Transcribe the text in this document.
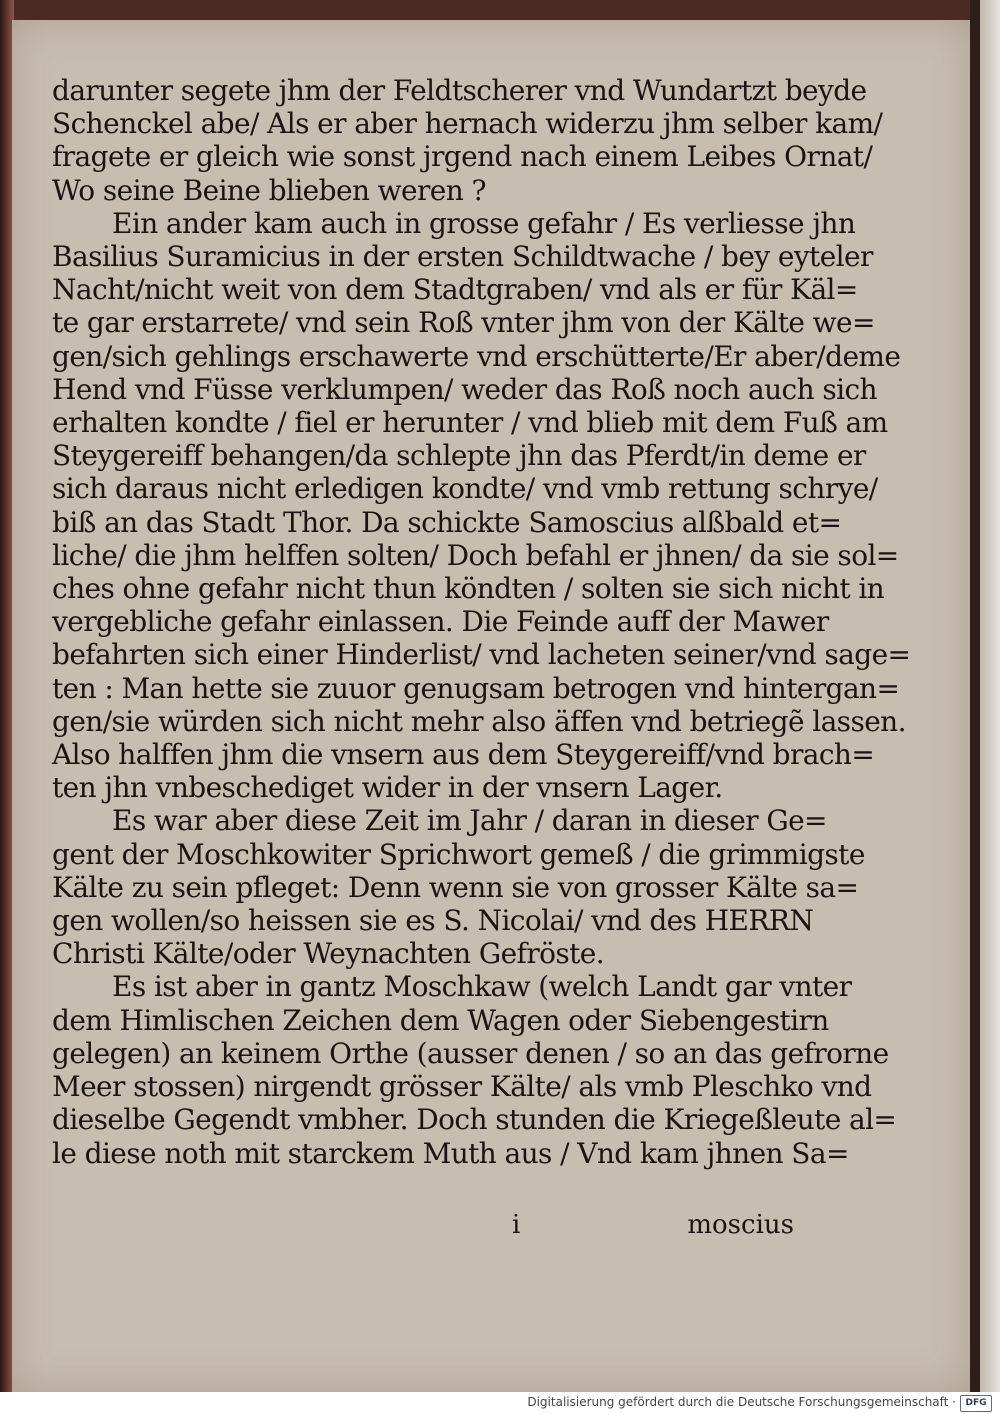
darunter segete jhm der Feldtscherer vnd Wundartzt beyde
Schenckel abe/ Als er aber hernach widerzu jhm selber kam/
fragete er gleich wie sonst jrgend nach einem Leibes Ornat/
Wo seine Beine blieben weren ?
Ein ander kam auch in grosse gefahr / Es verliesse jhn
Basilius Suramicius in der ersten Schildtwache / bey eyteler
Nacht/nicht weit von dem Stadtgraben/ vnd als er für Käl=
te gar erstarrete/ vnd sein Roß vnter jhm von der Kälte we=
gen/sich gehlings erschawerte vnd erschütterte/Er aber/deme
Hend vnd Füsse verklumpen/ weder das Roß noch auch sich
erhalten kondte / fiel er herunter / vnd blieb mit dem Fuß am
Steygereiff behangen/da schlepte jhn das Pferdt/in deme er
sich daraus nicht erledigen kondte/ vnd vmb rettung schrye/
biß an das Stadt Thor. Da schickte Samoscius alßbald et=
liche/ die jhm helffen solten/ Doch befahl er jhnen/ da sie sol=
ches ohne gefahr nicht thun köndten / solten sie sich nicht in
vergebliche gefahr einlassen. Die Feinde auff der Mawer
befahrten sich einer Hinderlist/ vnd lacheten seiner/vnd sage=
ten : Man hette sie zuuor genugsam betrogen vnd hintergan=
gen/sie würden sich nicht mehr also äffen vnd betriegẽ lassen.
Also halffen jhm die vnsern aus dem Steygereiff/vnd brach=
ten jhn vnbeschediget wider in der vnsern Lager.
Es war aber diese Zeit im Jahr / daran in dieser Ge=
gent der Moschkowiter Sprichwort gemeß / die grimmigste
Kälte zu sein pfleget: Denn wenn sie von grosser Kälte sa=
gen wollen/so heissen sie es S. Nicolai/ vnd des HERRN
Christi Kälte/oder Weynachten Gefröste.
Es ist aber in gantz Moschkaw (welch Landt gar vnter
dem Himlischen Zeichen dem Wagen oder Siebengestirn
gelegen) an keinem Orthe (ausser denen / so an das gefrorne
Meer stossen) nirgendt grösser Kälte/ als vmb Pleschko vnd
dieselbe Gegendt vmbher. Doch stunden die Kriegeßleute al=
le diese noth mit starckem Muth aus / Vnd kam jhnen Sa=
i	moscius
Digitalisierung gefördert durch die Deutsche Forschungsgemeinschaft ·	DFG
